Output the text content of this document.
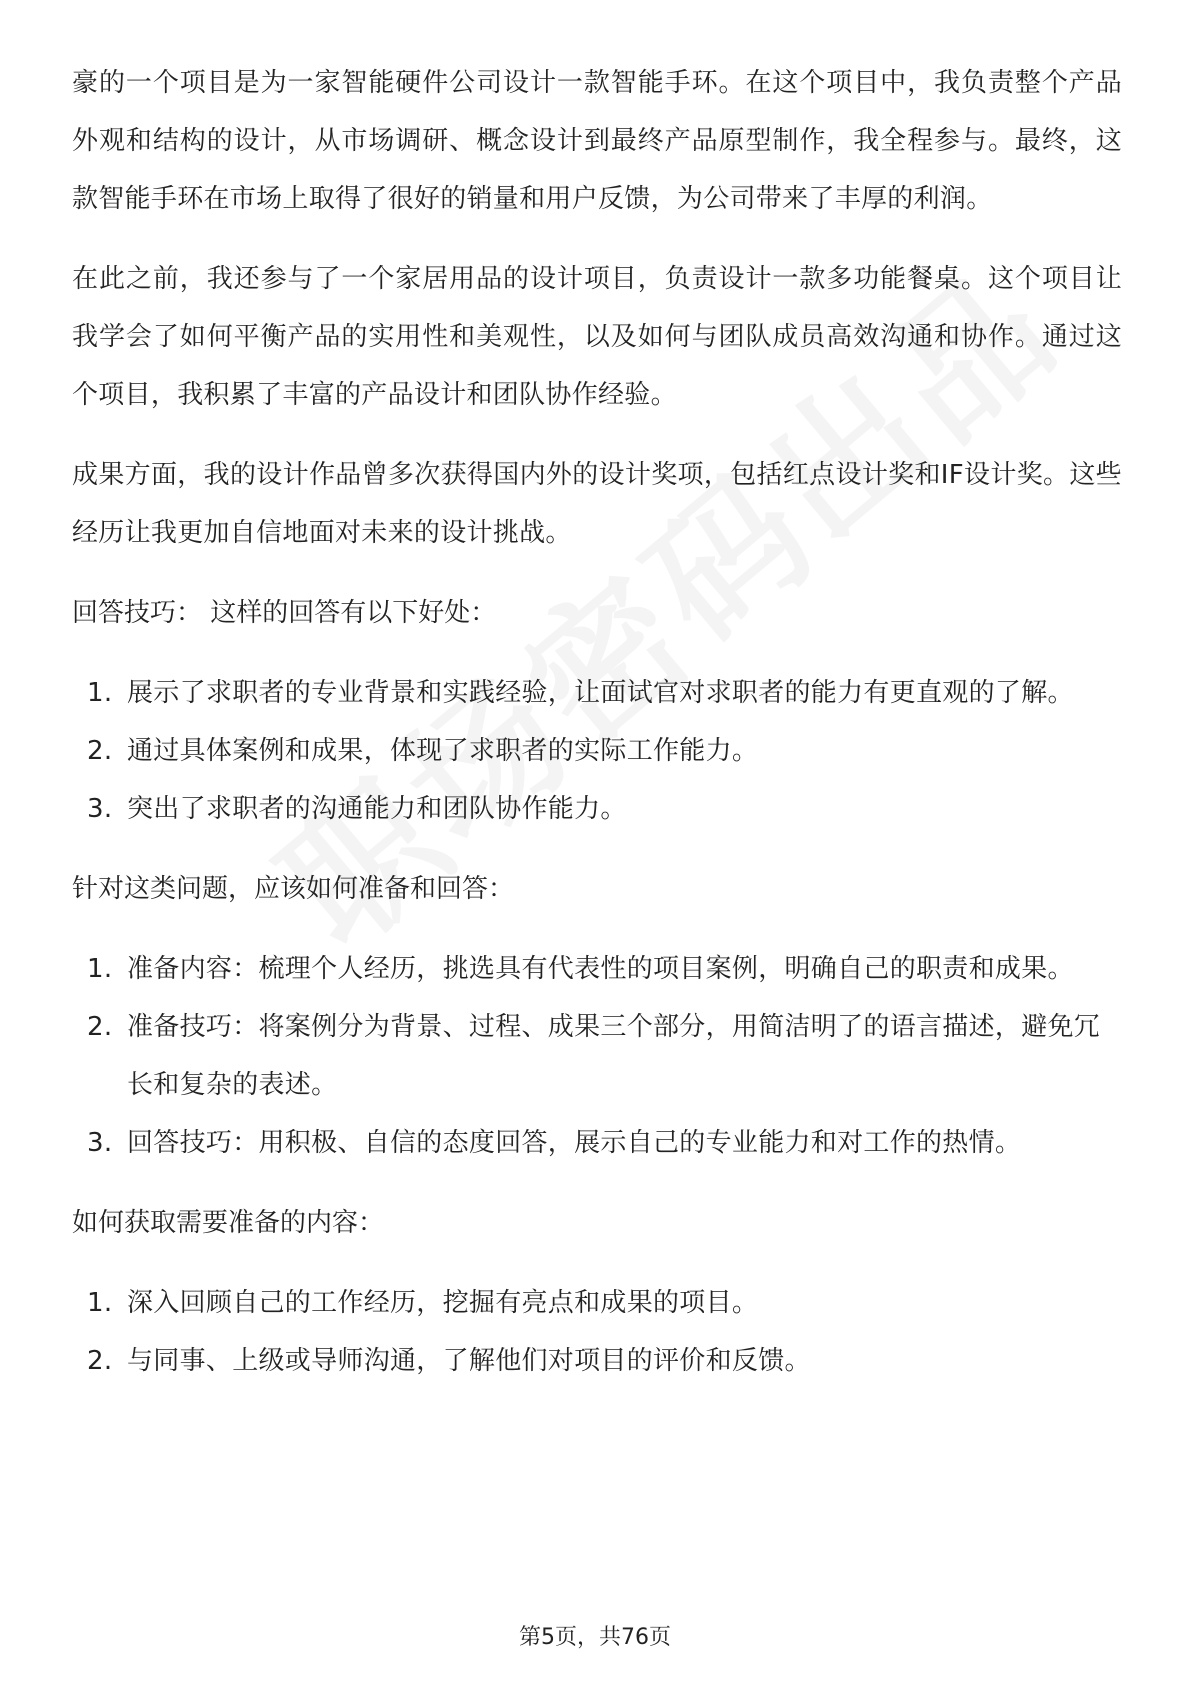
豪的一个项目是为一家智能硬件公司设计一款智能手环。在这个项目中，我负责整个产品外观和结构的设计，从市场调研、概念设计到最终产品原型制作，我全程参与。最终，这款智能手环在市场上取得了很好的销量和用户反馈，为公司带来了丰厚的利润。

在此之前，我还参与了一个家居用品的设计项目，负责设计一款多功能餐桌。这个项目让我学会了如何平衡产品的实用性和美观性，以及如何与团队成员高效沟通和协作。通过这个项目，我积累了丰富的产品设计和团队协作经验。

成果方面，我的设计作品曾多次获得国内外的设计奖项，包括红点设计奖和IF设计奖。这些经历让我更加自信地面对未来的设计挑战。

回答技巧： 这样的回答有以下好处：
1. 展示了求职者的专业背景和实践经验，让面试官对求职者的能力有更直观的了解。
2. 通过具体案例和成果，体现了求职者的实际工作能力。
3. 突出了求职者的沟通能力和团队协作能力。
针对这类问题，应该如何准备和回答：
1. 准备内容：梳理个人经历，挑选具有代表性的项目案例，明确自己的职责和成果。
2. 准备技巧：将案例分为背景、过程、成果三个部分，用简洁明了的语言描述，避免冗长和复杂的表述。
3. 回答技巧：用积极、自信的态度回答，展示自己的专业能力和对工作的热情。
如何获取需要准备的内容：
1. 深入回顾自己的工作经历，挖掘有亮点和成果的项目。
2. 与同事、上级或导师沟通，了解他们对项目的评价和反馈。
第5页，共76页
